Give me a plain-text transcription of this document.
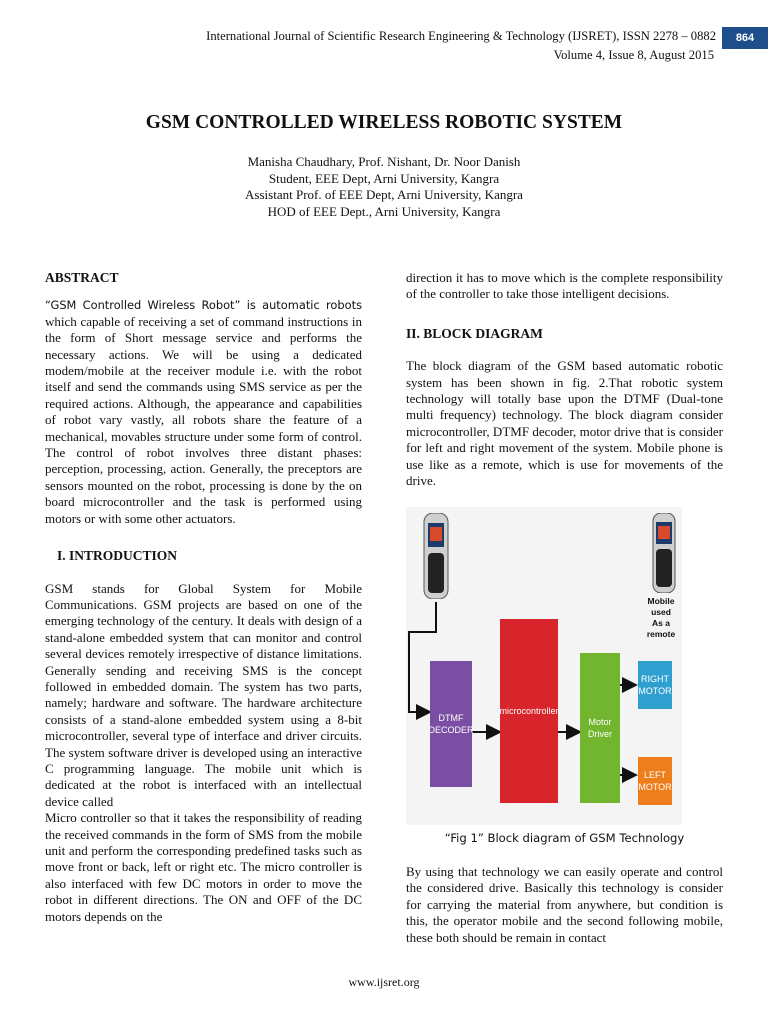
International Journal of Scientific Research Engineering & Technology (IJSRET), ISSN 2278 – 0882
Volume 4, Issue 8, August 2015
864
GSM CONTROLLED WIRELESS ROBOTIC SYSTEM
Manisha Chaudhary, Prof. Nishant, Dr. Noor Danish
Student, EEE Dept, Arni University, Kangra
Assistant Prof. of EEE Dept, Arni University, Kangra
HOD of EEE Dept., Arni University, Kangra
ABSTRACT

“GSM Controlled Wireless Robot” is automatic robots which capable of receiving a set of command instructions in the form of Short message service and performs the necessary actions. We will be using a dedicated modem/mobile at the receiver module i.e. with the robot itself and send the commands using SMS service as per the required actions. Although, the appearance and capabilities of robot vary vastly, all robots share the feature of a mechanical, movables structure under some form of control. The control of robot involves three distant phases: perception, processing, action. Generally, the preceptors are sensors mounted on the robot, processing is done by the on board microcontroller and the task is performed using motors or with some other actuators.

I. INTRODUCTION

GSM stands for Global System for Mobile Communications. GSM projects are based on one of the emerging technology of the century. It deals with design of a stand-alone embedded system that can monitor and control several devices remotely irrespective of distance limitations. Generally sending and receiving SMS is the concept followed in embedded domain. The system has two parts, namely; hardware and software. The hardware architecture consists of a stand-alone embedded system using a 8-bit microcontroller, several type of interface and driver circuits. The system software driver is developed using an interactive C programming language. The mobile unit which is dedicated at the robot is interfaced with an intellectual device called

Micro controller so that it takes the responsibility of reading the received commands in the form of SMS from the mobile unit and perform the corresponding predefined tasks such as move front or back, left or right etc. The micro controller is also interfaced with few DC motors in order to move the robot in different directions. The ON and OFF of the DC motors depends on the

direction it has to move which is the complete responsibility of the controller to take those intelligent decisions.

II. BLOCK DIAGRAM

The block diagram of the GSM based automatic robotic system has been shown in fig. 2.That robotic system technology will totally base upon the DTMF (Dual-tone multi frequency) technology. The block diagram consider microcontroller, DTMF decoder, motor drive that is consider for left and right movement of the system. Mobile phone is use like as a remote, which is use for movements of the drive.

Mobile used
As a remote
DTMF
DECODER
microcontroller
Motor
Driver
RIGHT
MOTOR
LEFT
MOTOR
“Fig 1” Block diagram of GSM Technology

By using that technology we can easily operate and control the considered drive. Basically this technology is consider for carrying the material from anywhere, but condition is this, the operator mobile and the second following mobile, these both should be remain in contact

www.ijsret.org
